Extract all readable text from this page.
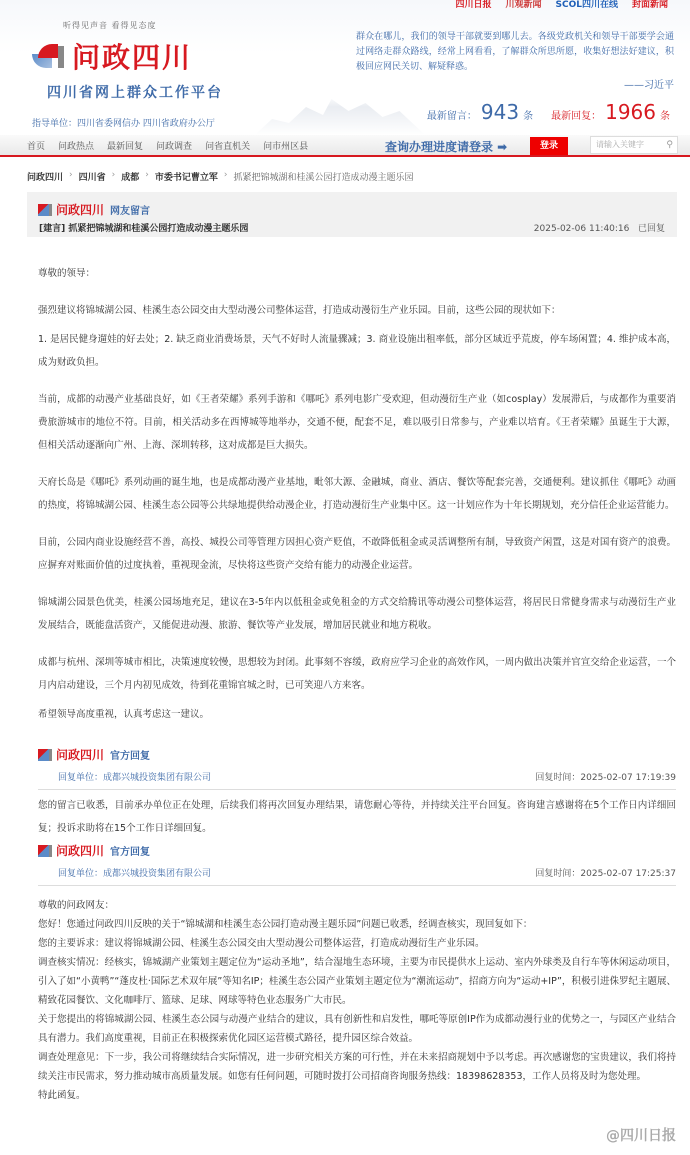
四川日报 川观新闻 SCOL四川在线 封面新闻
听得见声音 看得见态度
问政四川
四川省网上群众工作平台
群众在哪儿，我们的领导干部就要到哪儿去。各级党政机关和领导干部要学会通过网络走群众路线，经常上网看看，了解群众所思所愿，收集好想法好建议，积极回应网民关切、解疑释惑。
——习近平
指导单位：四川省委网信办 四川省政府办公厅
最新留言： 943 条 最新回复： 1966 条
首页 问政热点 最新回复 问政调查 问省直机关 问市州区县	查询办理进度请登录 ➡	登录	请输入关键字 ⚲
问政四川 › 四川省 › 成都 › 市委书记曹立军 › 抓紧把锦城湖和桂溪公园打造成动漫主题乐园
问政四川 网友留言
[建言] 抓紧把锦城湖和桂溪公园打造成动漫主题乐园	2025-02-06 11:40:16 已回复

尊敬的领导：

强烈建议将锦城湖公园、桂溪生态公园交由大型动漫公司整体运营，打造成动漫衍生产业乐园。目前，这些公园的现状如下：

1. 是居民健身遛娃的好去处；2. 缺乏商业消费场景，天气不好时人流量骤减；3. 商业设施出租率低，部分区域近乎荒废，停车场闲置；4. 维护成本高，成为财政负担。

当前，成都的动漫产业基础良好，如《王者荣耀》系列手游和《哪吒》系列电影广受欢迎，但动漫衍生产业（如cosplay）发展滞后，与成都作为重要消费旅游城市的地位不符。目前，相关活动多在西博城等地举办，交通不便，配套不足，难以吸引日常参与，产业难以培育。《王者荣耀》虽诞生于大源，但相关活动逐渐向广州、上海、深圳转移，这对成都是巨大损失。

天府长岛是《哪吒》系列动画的诞生地，也是成都动漫产业基地，毗邻大源、金融城，商业、酒店、餐饮等配套完善，交通便利。建议抓住《哪吒》动画的热度，将锦城湖公园、桂溪生态公园等公共绿地提供给动漫企业，打造动漫衍生产业集中区。这一计划应作为十年长期规划，充分信任企业运营能力。

目前，公园内商业设施经营不善，高投、城投公司等管理方因担心资产贬值，不敢降低租金或灵活调整所有制，导致资产闲置，这是对国有资产的浪费。应摒弃对账面价值的过度执着，重视现金流，尽快将这些资产交给有能力的动漫企业运营。

锦城湖公园景色优美，桂溪公园场地充足，建议在3-5年内以低租金或免租金的方式交给腾讯等动漫公司整体运营，将居民日常健身需求与动漫衍生产业发展结合，既能盘活资产，又能促进动漫、旅游、餐饮等产业发展，增加居民就业和地方税收。

成都与杭州、深圳等城市相比，决策速度较慢，思想较为封闭。此事刻不容缓，政府应学习企业的高效作风，一周内做出决策并官宣交给企业运营，一个月内启动建设，三个月内初见成效，待到花重锦官城之时，已可笑迎八方来客。

希望领导高度重视，认真考虑这一建议。

问政四川 官方回复
回复单位：成都兴城投资集团有限公司	回复时间：2025-02-07 17:19:39

您的留言已收悉，目前承办单位正在处理，后续我们将再次回复办理结果，请您耐心等待，并持续关注平台回复。咨询建言感谢将在5个工作日内详细回复；投诉求助将在15个工作日详细回复。

问政四川 官方回复
回复单位：成都兴城投资集团有限公司	回复时间：2025-02-07 17:25:37

尊敬的问政网友：

您好！您通过问政四川反映的关于“锦城湖和桂溪生态公园打造动漫主题乐园”问题已收悉，经调查核实，现回复如下：

您的主要诉求：建议将锦城湖公园、桂溪生态公园交由大型动漫公司整体运营，打造成动漫衍生产业乐园。

调查核实情况：经核实，锦城湖产业策划主题定位为“运动圣地”，结合湿地生态环境，主要为市民提供水上运动、室内外球类及自行车等休闲运动项目，引入了如“小黄鸭”“蓬皮杜·国际艺术双年展”等知名IP；桂溪生态公园产业策划主题定位为“潮流运动”，招商方向为“运动+IP”，积极引进侏罗纪主题展、精致花园餐饮、文化咖啡厅、篮球、足球、网球等特色业态服务广大市民。

关于您提出的将锦城湖公园、桂溪生态公园与动漫产业结合的建议，具有创新性和启发性，哪吒等原创IP作为成都动漫行业的优势之一，与园区产业结合具有潜力。我们高度重视，目前正在积极探索优化园区运营模式路径，提升园区综合效益。

调查处理意见：下一步，我公司将继续结合实际情况，进一步研究相关方案的可行性，并在未来招商规划中予以考虑。再次感谢您的宝贵建议，我们将持续关注市民需求，努力推动城市高质量发展。如您有任何问题，可随时拨打公司招商咨询服务热线：18398628353，工作人员将及时为您处理。

特此函复。

@四川日报
